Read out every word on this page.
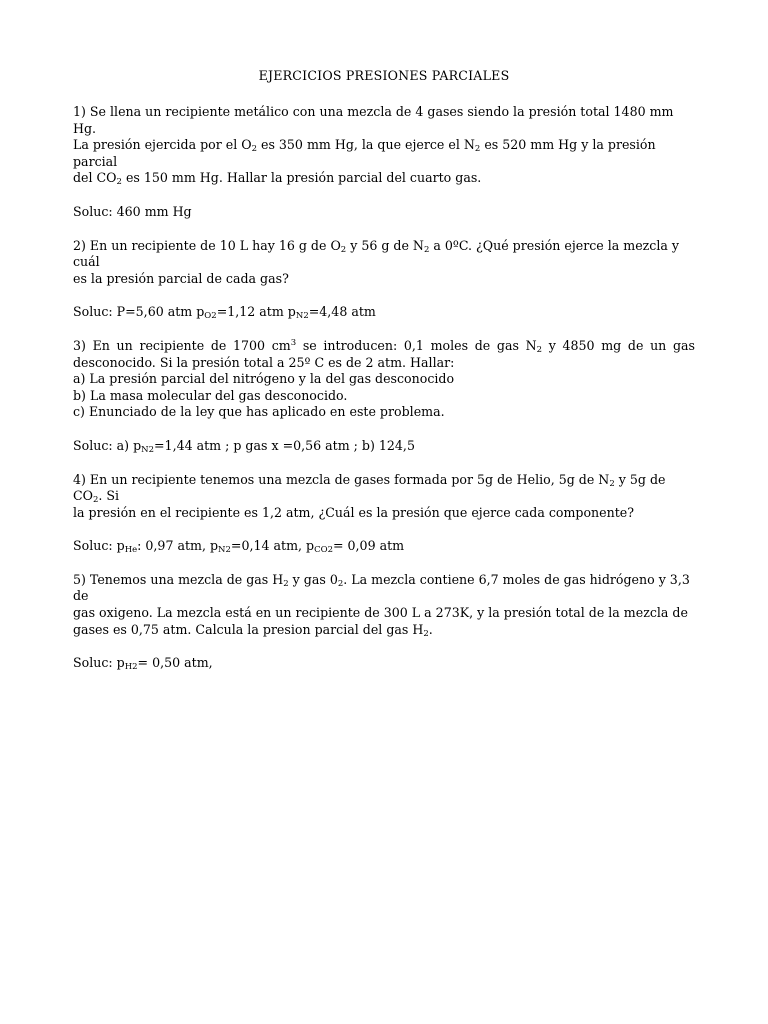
EJERCICIOS PRESIONES PARCIALES

1) Se llena un recipiente metálico con una mezcla de 4 gases siendo la presión total 1480 mm Hg.

La presión ejercida por el $O_2$ es 350 mm Hg, la que ejerce el $N_2$ es 520 mm Hg y la presión parcial

del $CO_2$ es 150 mm Hg. Hallar la presión parcial del cuarto gas.

Soluc: 460 mm Hg

2) En un recipiente de 10 L hay 16 g de $O_2$ y 56 g de $N_2$ a 0ºC. ¿Qué presión ejerce la mezcla y cuál

es la presión parcial de cada gas?

Soluc: P=5,60 atm $p_{O2}=1,12$ atm $p_{N2}=4,48$ atm

3) En un recipiente de 1700 $cm^3$ se introducen: 0,1 moles de gas $N_2$ y 4850 mg de un gas

desconocido. Si la presión total a 25º C es de 2 atm. Hallar:

a) La presión parcial del nitrógeno y la del gas desconocido

b) La masa molecular del gas desconocido.

c) Enunciado de la ley que has aplicado en este problema.

Soluc: a) $p_{N2}=1,44$ atm ; p gas x =0,56 atm ; b) 124,5

4) En un recipiente tenemos una mezcla de gases formada por 5g de Helio, 5g de $N_2$ y 5g de $CO_2$. Si

la presión en el recipiente es 1,2 atm, ¿Cuál es la presión que ejerce cada componente?

Soluc: $p_{He}$: 0,97 atm, $p_{N2}=0,14$ atm, $p_{CO2}= 0,09$ atm

5) Tenemos una mezcla de gas $H_2$ y gas $0_2$. La mezcla contiene 6,7 moles de gas hidrógeno y 3,3 de

gas oxigeno. La mezcla está en un recipiente de 300 L a 273K, y la presión total de la mezcla de

gases es 0,75 atm. Calcula la presion parcial del gas $H_2$.

Soluc: $p_{H2}= 0,50$ atm,
